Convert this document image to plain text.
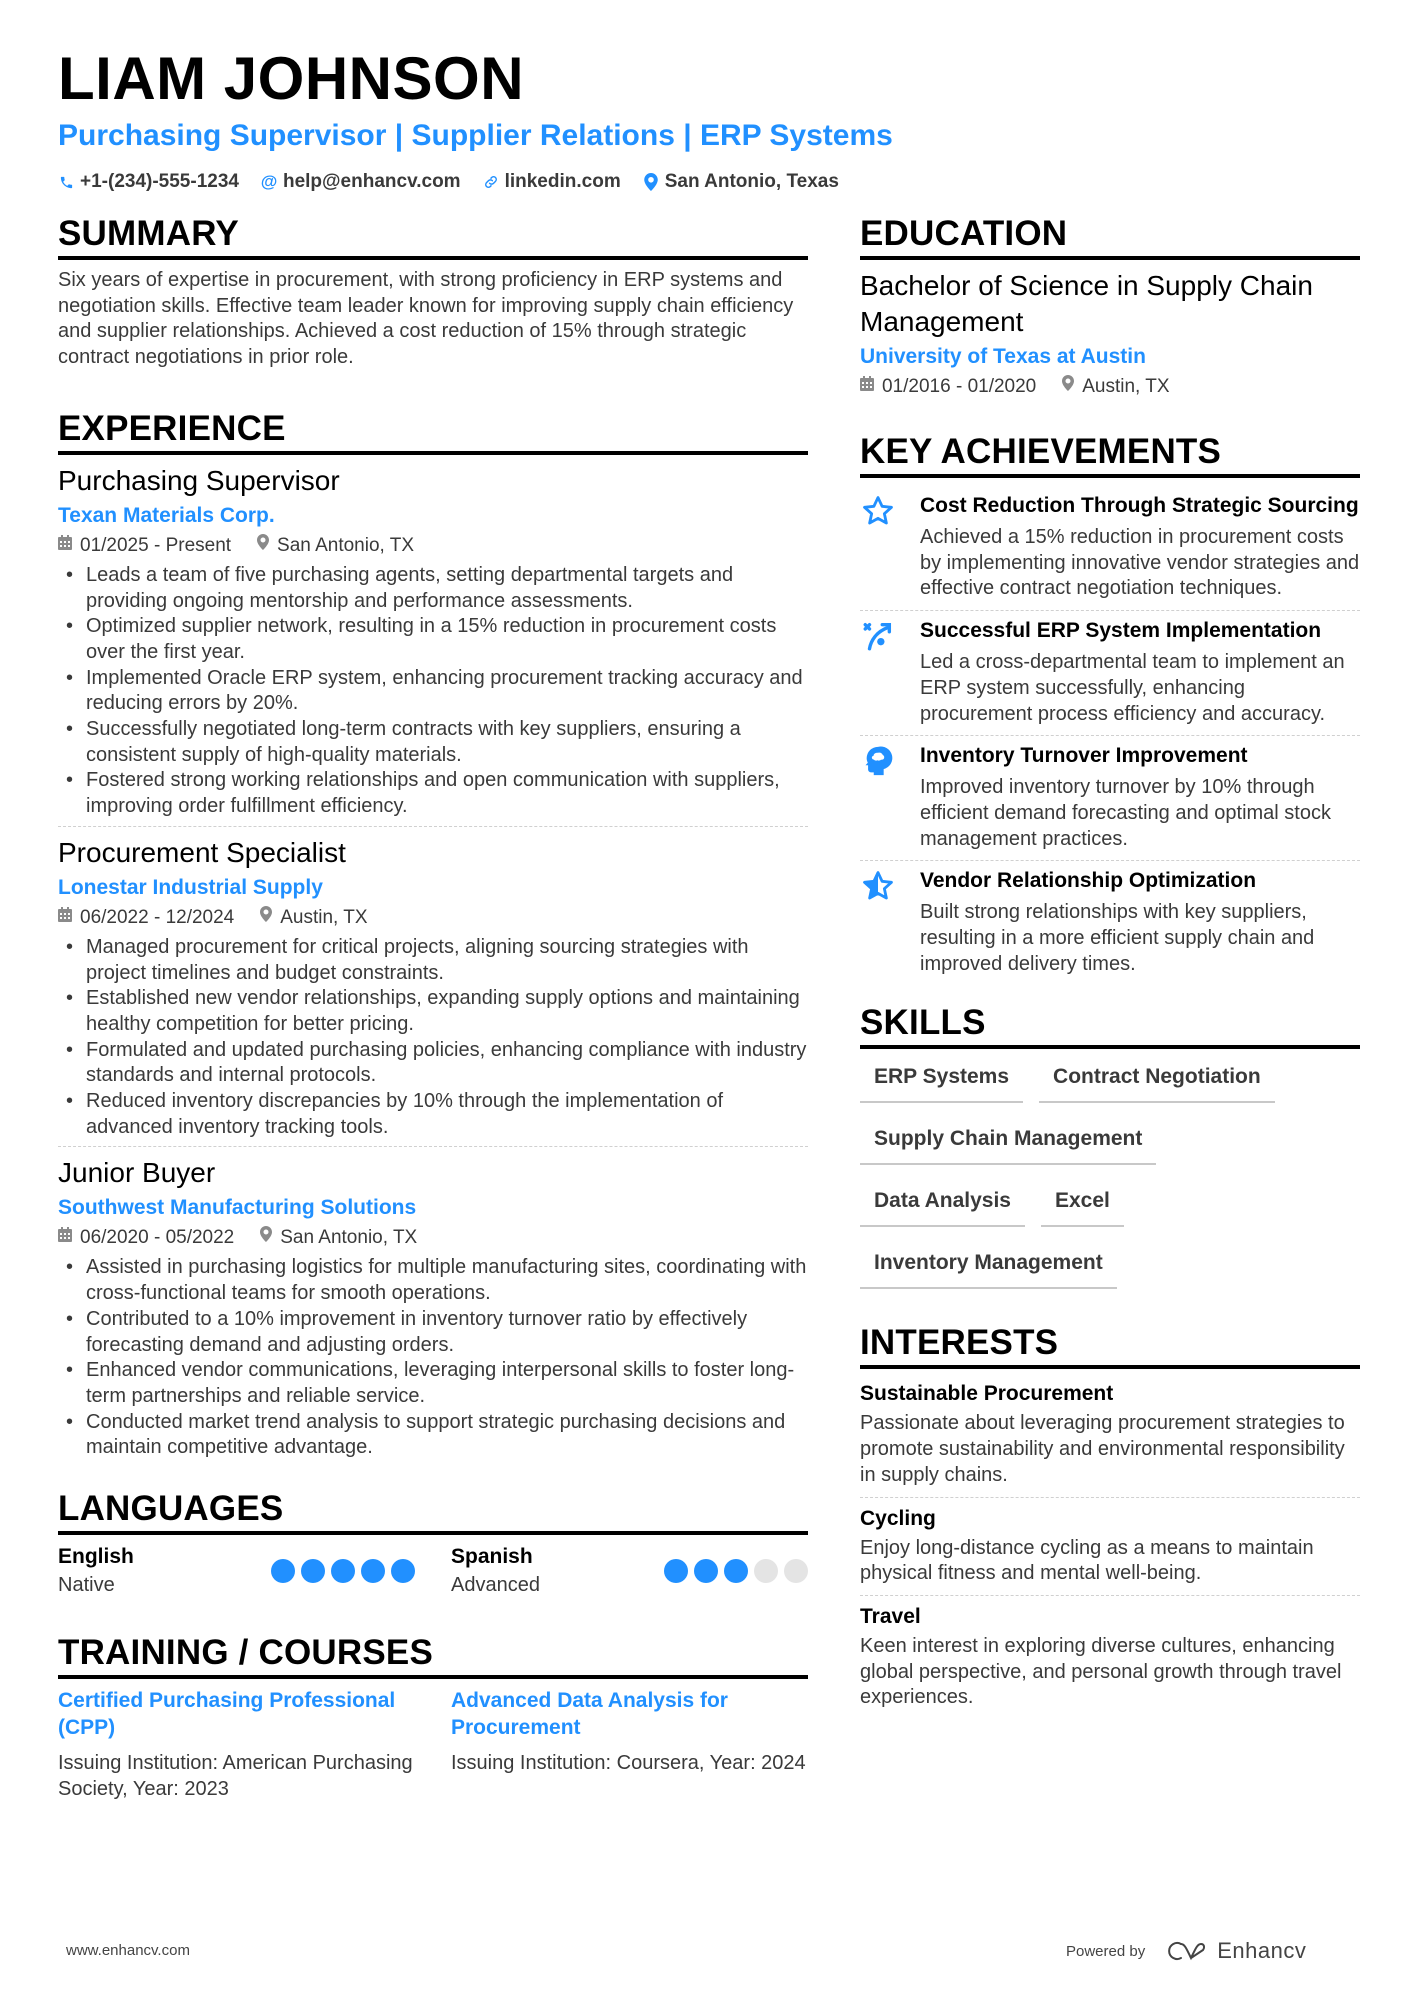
LIAM JOHNSON
Purchasing Supervisor | Supplier Relations | ERP Systems
+1-(234)-555-1234 @ help@enhancv.com linkedin.com San Antonio, Texas
SUMMARY
Six years of expertise in procurement, with strong proficiency in ERP systems and negotiation skills. Effective team leader known for improving supply chain efficiency and supplier relationships. Achieved a cost reduction of 15% through strategic contract negotiations in prior role.
EXPERIENCE
Purchasing Supervisor
Texan Materials Corp.
01/2025 - Present San Antonio, TX
• Leads a team of five purchasing agents, setting departmental targets and providing ongoing mentorship and performance assessments.
• Optimized supplier network, resulting in a 15% reduction in procurement costs over the first year.
• Implemented Oracle ERP system, enhancing procurement tracking accuracy and reducing errors by 20%.
• Successfully negotiated long-term contracts with key suppliers, ensuring a consistent supply of high-quality materials.
• Fostered strong working relationships and open communication with suppliers, improving order fulfillment efficiency.
Procurement Specialist
Lonestar Industrial Supply
06/2022 - 12/2024 Austin, TX
• Managed procurement for critical projects, aligning sourcing strategies with project timelines and budget constraints.
• Established new vendor relationships, expanding supply options and maintaining healthy competition for better pricing.
• Formulated and updated purchasing policies, enhancing compliance with industry standards and internal protocols.
• Reduced inventory discrepancies by 10% through the implementation of advanced inventory tracking tools.
Junior Buyer
Southwest Manufacturing Solutions
06/2020 - 05/2022 San Antonio, TX
• Assisted in purchasing logistics for multiple manufacturing sites, coordinating with cross-functional teams for smooth operations.
• Contributed to a 10% improvement in inventory turnover ratio by effectively forecasting demand and adjusting orders.
• Enhanced vendor communications, leveraging interpersonal skills to foster long-term partnerships and reliable service.
• Conducted market trend analysis to support strategic purchasing decisions and maintain competitive advantage.
LANGUAGES
English
Native
Spanish
Advanced
TRAINING / COURSES
Certified Purchasing Professional (CPP)
Issuing Institution: American Purchasing Society, Year: 2023
Advanced Data Analysis for Procurement
Issuing Institution: Coursera, Year: 2024
EDUCATION
Bachelor of Science in Supply Chain Management
University of Texas at Austin
01/2016 - 01/2020 Austin, TX
KEY ACHIEVEMENTS
Cost Reduction Through Strategic Sourcing
Achieved a 15% reduction in procurement costs by implementing innovative vendor strategies and effective contract negotiation techniques.
Successful ERP System Implementation
Led a cross-departmental team to implement an ERP system successfully, enhancing procurement process efficiency and accuracy.
Inventory Turnover Improvement
Improved inventory turnover by 10% through efficient demand forecasting and optimal stock management practices.
Vendor Relationship Optimization
Built strong relationships with key suppliers, resulting in a more efficient supply chain and improved delivery times.
SKILLS
ERP Systems	Contract Negotiation
Supply Chain Management
Data Analysis	Excel
Inventory Management
INTERESTS
Sustainable Procurement
Passionate about leveraging procurement strategies to promote sustainability and environmental responsibility in supply chains.
Cycling
Enjoy long-distance cycling as a means to maintain physical fitness and mental well-being.
Travel
Keen interest in exploring diverse cultures, enhancing global perspective, and personal growth through travel experiences.
www.enhancv.com	Powered by	Enhancv
